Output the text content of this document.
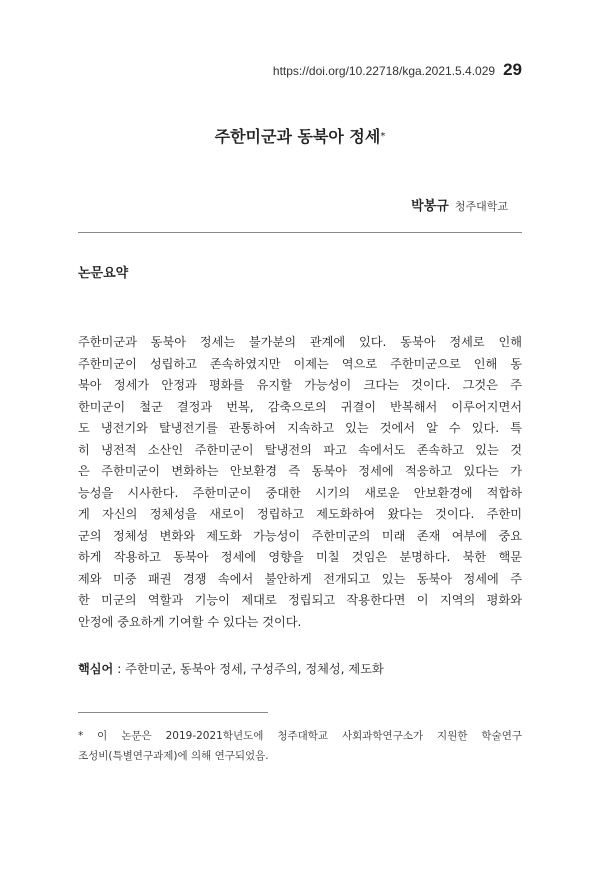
https://doi.org/10.22718/kga.2021.5.4.029 29
주한미군과 동북아 정세*
박봉규 청주대학교
논문요약
주한미군과 동북아 정세는 불가분의 관계에 있다. 동북아 정세로 인해
주한미군이 성립하고 존속하였지만 이제는 역으로 주한미군으로 인해 동
북아 정세가 안정과 평화를 유지할 가능성이 크다는 것이다. 그것은 주
한미군이 철군 결정과 번복, 감축으로의 귀결이 반복해서 이루어지면서
도 냉전기와 탈냉전기를 관통하여 지속하고 있는 것에서 알 수 있다. 특
히 냉전적 소산인 주한미군이 탈냉전의 파고 속에서도 존속하고 있는 것
은 주한미군이 변화하는 안보환경 즉 동북아 정세에 적응하고 있다는 가
능성을 시사한다. 주한미군이 중대한 시기의 새로운 안보환경에 적합하
게 자신의 정체성을 새로이 정립하고 제도화하여 왔다는 것이다. 주한미
군의 정체성 변화와 제도화 가능성이 주한미군의 미래 존재 여부에 중요
하게 작용하고 동북아 정세에 영향을 미칠 것임은 분명하다. 북한 핵문
제와 미중 패권 경쟁 속에서 불안하게 전개되고 있는 동북아 정세에 주
한 미군의 역할과 기능이 제대로 정립되고 작용한다면 이 지역의 평화와
안정에 중요하게 기여할 수 있다는 것이다.
핵심어 : 주한미군, 동북아 정세, 구성주의, 정체성, 제도화
* 이 논문은 2019-2021학년도에 청주대학교 사회과학연구소가 지원한 학술연구
조성비(특별연구과제)에 의해 연구되었음.
